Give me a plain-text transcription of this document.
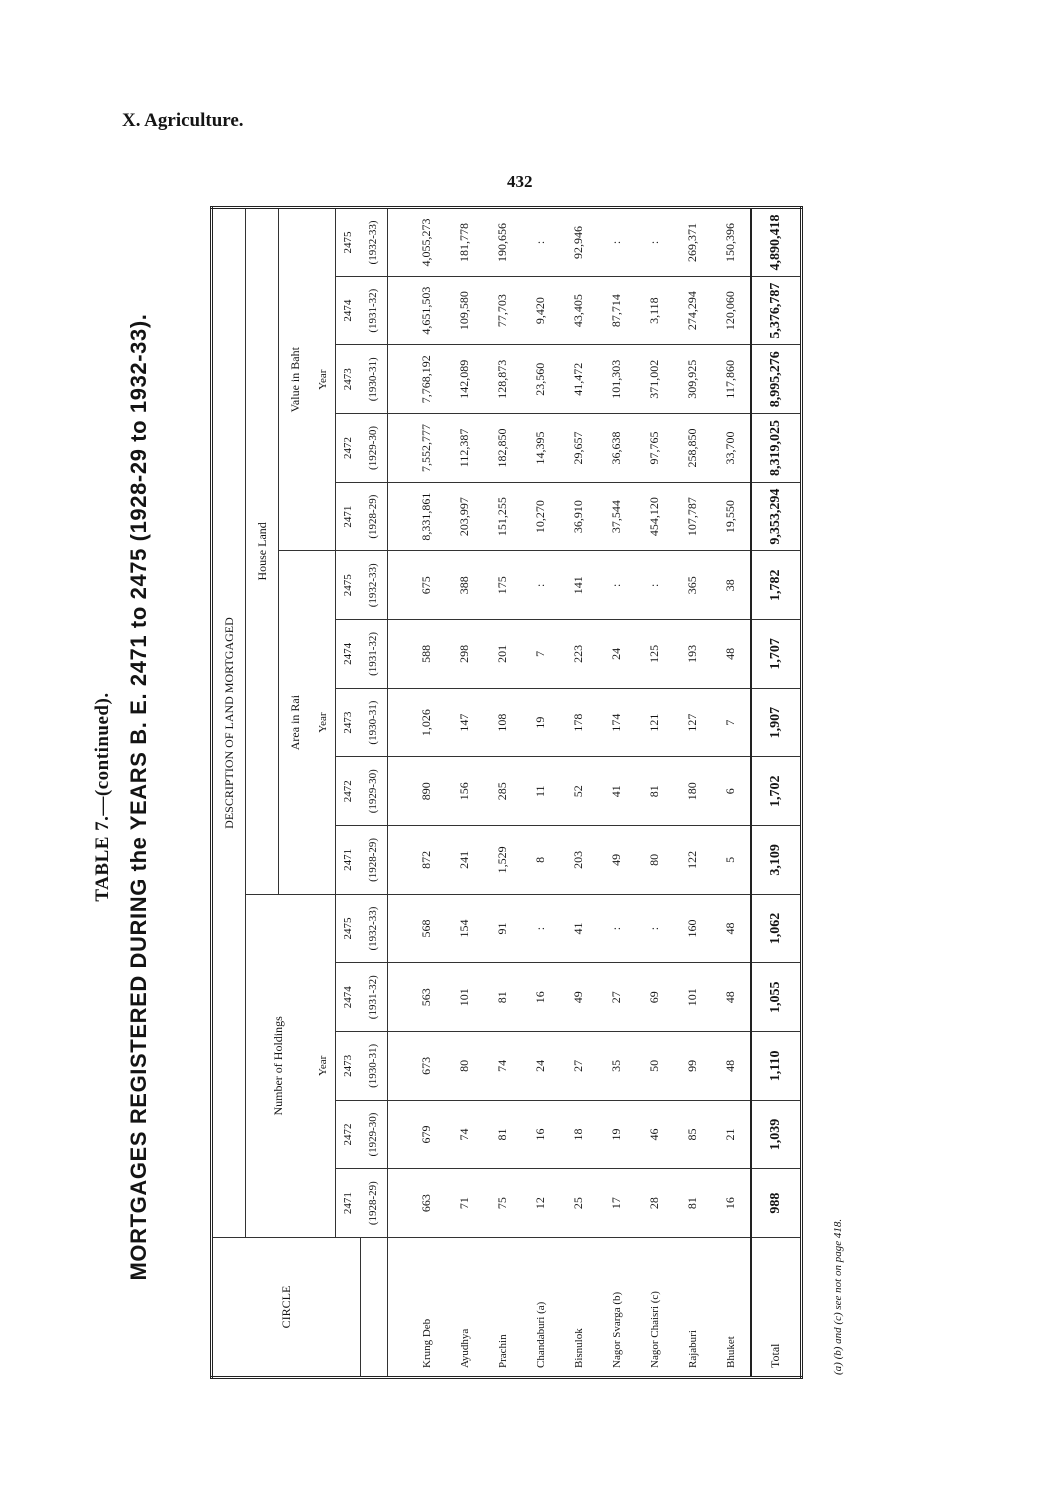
X. Agriculture.
432
TABLE 7.—(continued). MORTGAGES REGISTERED DURING the YEARS B. E. 2471 to 2475 (1928-29 to 1932-33).
CIRCLE	DESCRIPTION OF LAND MORTGAGED														
	Number of Holdings					House Land									
						Area in Rai					Value in Baht				
	Year					Year					Year				
	2471	2472	2473	2474	2475	2471	2472	2473	2474	2475	2471	2472	2473	2474	2475
	(1928-29)	(1929-30)	(1930-31)	(1931-32)	(1932-33)	(1928-29)	(1929-30)	(1930-31)	(1931-32)	(1932-33)	(1928-29)	(1929-30)	(1930-31)	(1931-32)	(1932-33)

Krung Deb	663	679	673	563	568	872	890	1,026	588	675	8,331,861	7,552,777	7,768,192	4,651,503	4,055,273
Ayudhya	71	74	80	101	154	241	156	147	298	388	203,997	112,387	142,089	109,580	181,778
Prachin	75	81	74	81	91	1,529	285	108	201	175	151,255	182,850	128,873	77,703	190,656
Chandaburi (a)	12	16	24	16	:	8	11	19	7	:	10,270	14,395	23,560	9,420	:
Bisnulok	25	18	27	49	41	203	52	178	223	141	36,910	29,657	41,472	43,405	92,946
Nagor Svarga (b)	17	19	35	27	:	49	41	174	24	:	37,544	36,638	101,303	87,714	:
Nagor Chaisri (c)	28	46	50	69	:	80	81	121	125	:	454,120	97,765	371,002	3,118	:
Rajaburi	81	85	99	101	160	122	180	127	193	365	107,787	258,850	309,925	274,294	269,371
Bhuket	16	21	48	48	48	5	6	7	48	38	19,550	33,700	117,860	120,060	150,396
Total	988	1,039	1,110	1,055	1,062	3,109	1,702	1,907	1,707	1,782	9,353,294	8,319,025	8,995,276	5,376,787	4,890,418
(a) (b) and (c) see not on page 418.
